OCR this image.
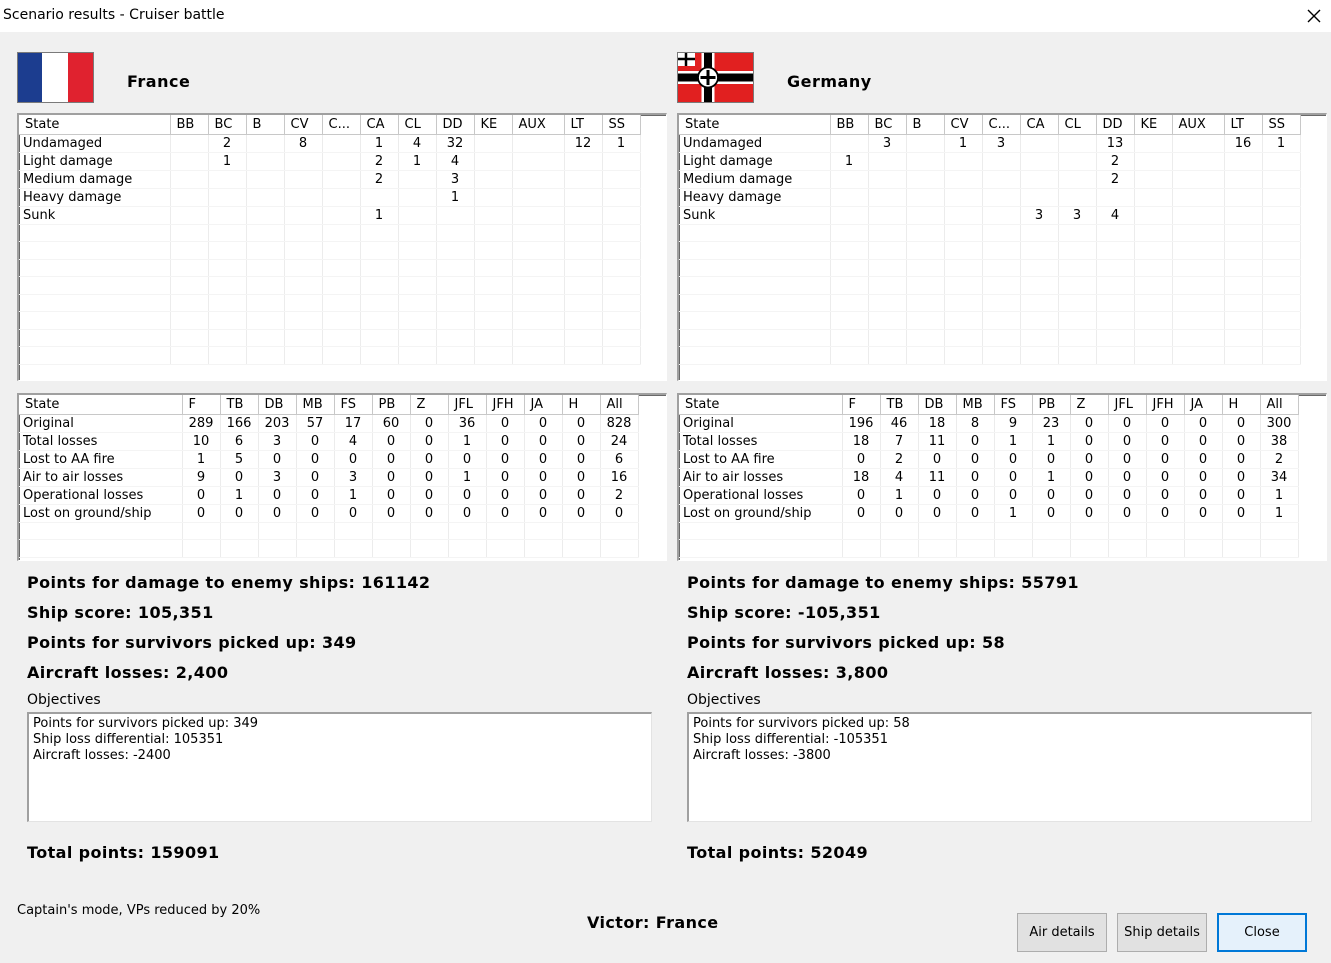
Scenario results - Cruiser battle
France
State	BB	BC	B	CV	C...	CA	CL	DD	KE	AUX	LT	SS
Undamaged		2		8		1	4	32			12	1
Light damage		1				2	1	4				
Medium damage						2		3				
Heavy damage								1				
Sunk						1						

State	F	TB	DB	MB	FS	PB	Z	JFL	JFH	JA	H	All
Original	289	166	203	57	17	60	0	36	0	0	0	828
Total losses	10	6	3	0	4	0	0	1	0	0	0	24
Lost to AA fire	1	5	0	0	0	0	0	0	0	0	0	6
Air to air losses	9	0	3	0	3	0	0	1	0	0	0	16
Operational losses	0	1	0	0	1	0	0	0	0	0	0	2
Lost on ground/ship	0	0	0	0	0	0	0	0	0	0	0	0

Points for damage to enemy ships: 161142
Ship score: 105,351
Points for survivors picked up: 349
Aircraft losses: 2,400
Objectives
Points for survivors picked up: 349
Ship loss differential: 105351
Aircraft losses: -2400
Total points: 159091
Germany
State	BB	BC	B	CV	C...	CA	CL	DD	KE	AUX	LT	SS
Undamaged		3		1	3			13			16	1
Light damage	1							2				
Medium damage								2				
Heavy damage												
Sunk						3	3	4				

State	F	TB	DB	MB	FS	PB	Z	JFL	JFH	JA	H	All
Original	196	46	18	8	9	23	0	0	0	0	0	300
Total losses	18	7	11	0	1	1	0	0	0	0	0	38
Lost to AA fire	0	2	0	0	0	0	0	0	0	0	0	2
Air to air losses	18	4	11	0	0	1	0	0	0	0	0	34
Operational losses	0	1	0	0	0	0	0	0	0	0	0	1
Lost on ground/ship	0	0	0	0	1	0	0	0	0	0	0	1

Points for damage to enemy ships: 55791
Ship score: -105,351
Points for survivors picked up: 58
Aircraft losses: 3,800
Objectives
Points for survivors picked up: 58
Ship loss differential: -105351
Aircraft losses: -3800
Total points: 52049
Captain's mode, VPs reduced by 20%
Victor: France
Air details	Ship details	Close
